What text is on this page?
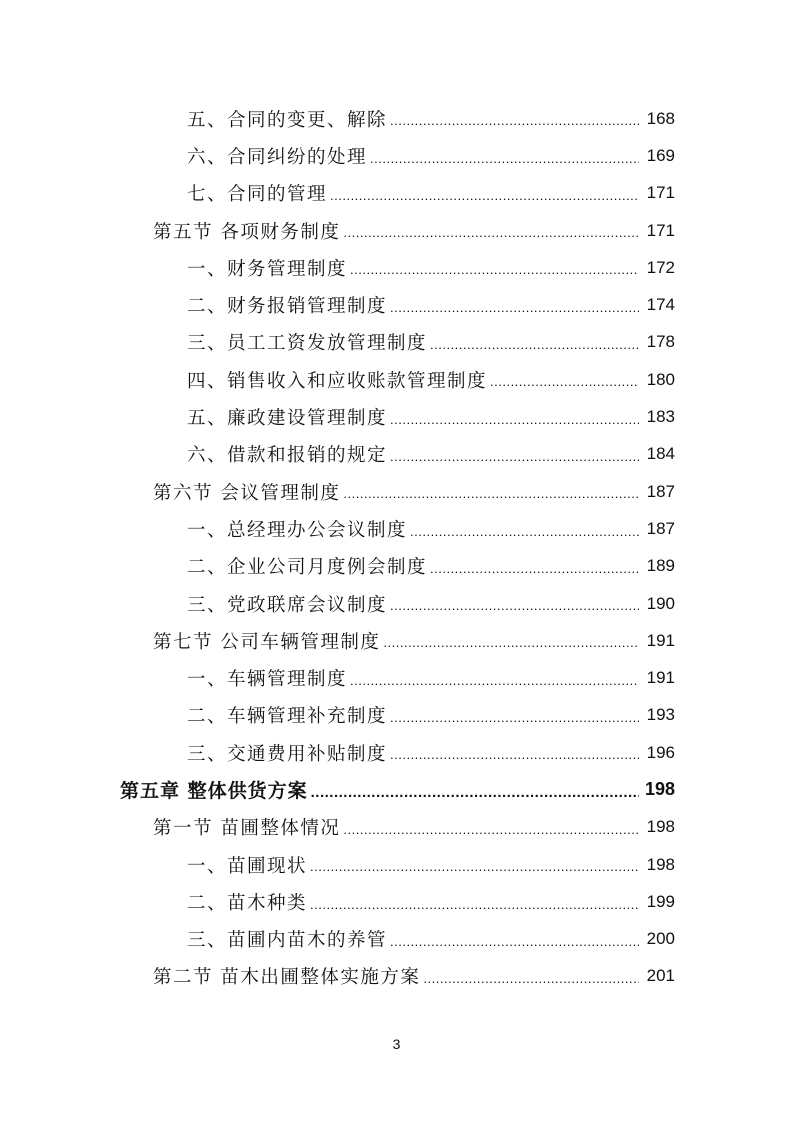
五、合同的变更、解除 .....	168
六、合同纠纷的处理 .....	169
七、合同的管理 .....	171
第五节 各项财务制度 .....	171
一、财务管理制度 .....	172
二、财务报销管理制度 .....	174
三、员工工资发放管理制度 .....	178
四、销售收入和应收账款管理制度 .....	180
五、廉政建设管理制度 .....	183
六、借款和报销的规定 .....	184
第六节 会议管理制度 .....	187
一、总经理办公会议制度 .....	187
二、企业公司月度例会制度 .....	189
三、党政联席会议制度 .....	190
第七节 公司车辆管理制度 .....	191
一、车辆管理制度 .....	191
二、车辆管理补充制度 .....	193
三、交通费用补贴制度 .....	196
第五章 整体供货方案 .....	198
第一节 苗圃整体情况 .....	198
一、苗圃现状 .....	198
二、苗木种类 .....	199
三、苗圃内苗木的养管 .....	200
第二节 苗木出圃整体实施方案 .....	201
3
